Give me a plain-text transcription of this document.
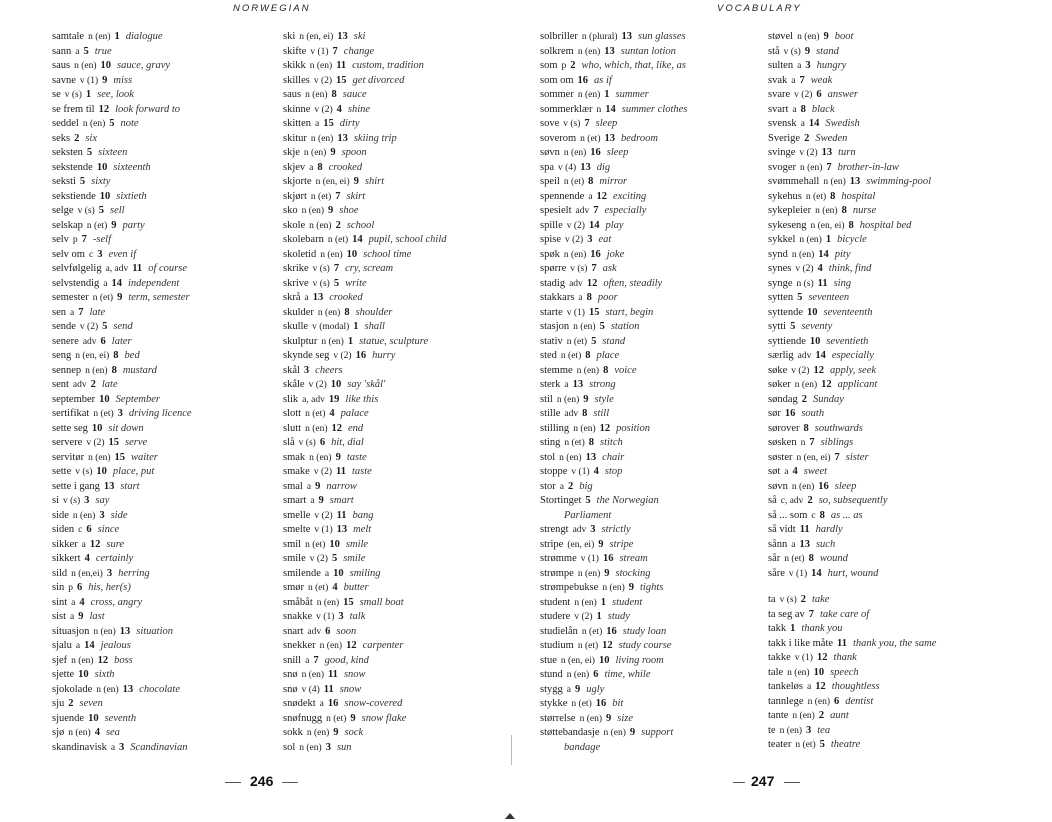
NORWEGIAN	VOCABULARY
samtale n (en) 1 dialogue
sann a 5 true
saus n (en) 10 sauce, gravy
savne v (1) 9 miss
se v (s) 1 see, look
se frem til 12 look forward to
seddel n (en) 5 note
seks 2 six
seksten 5 sixteen
sekstende 10 sixteenth
seksti 5 sixty
sekstiende 10 sixtieth
selge v (s) 5 sell
selskap n (et) 9 party
selv p 7 -self
selv om c 3 even if
selvfølgelig a, adv 11 of course
selvstendig a 14 independent
semester n (et) 9 term, semester
sen a 7 late
sende v (2) 5 send
senere adv 6 later
seng n (en, ei) 8 bed
sennep n (en) 8 mustard
sent adv 2 late
september 10 September
sertifikat n (et) 3 driving licence
sette seg 10 sit down
servere v (2) 15 serve
servitør n (en) 15 waiter
sette v (s) 10 place, put
sette i gang 13 start
si v (s) 3 say
side n (en) 3 side
siden c 6 since
sikker a 12 sure
sikkert 4 certainly
sild n (en,ei) 3 herring
sin p 6 his, her(s)
sint a 4 cross, angry
sist a 9 last
situasjon n (en) 13 situation
sjalu a 14 jealous
sjef n (en) 12 boss
sjette 10 sixth
sjokolade n (en) 13 chocolate
sju 2 seven
sjuende 10 seventh
sjø n (en) 4 sea
skandinavisk a 3 Scandinavian
ski n (en, ei) 13 ski
skifte v (1) 7 change
skikk n (en) 11 custom, tradition
skilles v (2) 15 get divorced
saus n (en) 8 sauce
skinne v (2) 4 shine
skitten a 15 dirty
skitur n (en) 13 skiing trip
skje n (en) 9 spoon
skjev a 8 crooked
skjorte n (en, ei) 9 shirt
skjørt n (et) 7 skirt
sko n (en) 9 shoe
skole n (en) 2 school
skolebarn n (et) 14 pupil, school child
skoletid n (en) 10 school time
skrike v (s) 7 cry, scream
skrive v (s) 5 write
skrå a 13 crooked
skulder n (en) 8 shoulder
skulle v (modal) 1 shall
skulptur n (en) 1 statue, sculpture
skynde seg v (2) 16 hurry
skål 3 cheers
skåle v (2) 10 say 'skål'
slik a, adv 19 like this
slott n (et) 4 palace
slutt n (en) 12 end
slå v (s) 6 hit, dial
smak n (en) 9 taste
smake v (2) 11 taste
smal a 9 narrow
smart a 9 smart
smelle v (2) 11 bang
smelte v (1) 13 melt
smil n (et) 10 smile
smile v (2) 5 smile
smilende a 10 smiling
smør n (et) 4 butter
småbåt n (en) 15 small boat
snakke v (1) 3 talk
snart adv 6 soon
snekker n (en) 12 carpenter
snill a 7 good, kind
snø n (en) 11 snow
snø v (4) 11 snow
snødekt a 16 snow-covered
snøfnugg n (et) 9 snow flake
sokk n (en) 9 sock
sol n (en) 3 sun
solbriller n (plural) 13 sun glasses
solkrem n (en) 13 suntan lotion
som p 2 who, which, that, like, as
som om 16 as if
sommer n (en) 1 summer
sommerklær n 14 summer clothes
sove v (s) 7 sleep
soverom n (et) 13 bedroom
søvn n (en) 16 sleep
spa v (4) 13 dig
speil n (et) 8 mirror
spennende a 12 exciting
spesielt adv 7 especially
spille v (2) 14 play
spise v (2) 3 eat
spøk n (en) 16 joke
spørre v (s) 7 ask
stadig adv 12 often, steadily
stakkars a 8 poor
starte v (1) 15 start, begin
stasjon n (en) 5 station
stativ n (et) 5 stand
sted n (et) 8 place
stemme n (en) 8 voice
sterk a 13 strong
stil n (en) 9 style
stille adv 8 still
stilling n (en) 12 position
sting n (et) 8 stitch
stol n (en) 13 chair
stoppe v (1) 4 stop
stor a 2 big
Stortinget 5 the Norwegian
Parliament
strengt adv 3 strictly
stripe (en, ei) 9 stripe
strømme v (1) 16 stream
strømpe n (en) 9 stocking
strømpebukse n (en) 9 tights
student n (en) 1 student
studere v (2) 1 study
studielån n (et) 16 study loan
studium n (et) 12 study course
stue n (en, ei) 10 living room
stund n (en) 6 time, while
stygg a 9 ugly
stykke n (et) 16 bit
størrelse n (en) 9 size
støttebandasje n (en) 9 support
bandage
støvel n (en) 9 boot
stå v (s) 9 stand
sulten a 3 hungry
svak a 7 weak
svare v (2) 6 answer
svart a 8 black
svensk a 14 Swedish
Sverige 2 Sweden
svinge v (2) 13 turn
svoger n (en) 7 brother-in-law
svømmehall n (en) 13 swimming-pool
sykehus n (et) 8 hospital
sykepleier n (en) 8 nurse
sykeseng n (en, ei) 8 hospital bed
sykkel n (en) 1 bicycle
synd n (en) 14 pity
synes v (2) 4 think, find
synge n (s) 11 sing
sytten 5 seventeen
syttende 10 seventeenth
sytti 5 seventy
syttiende 10 seventieth
særlig adv 14 especially
søke v (2) 12 apply, seek
søker n (en) 12 applicant
søndag 2 Sunday
sør 16 south
sørover 8 southwards
søsken n 7 siblings
søster n (en, ei) 7 sister
søt a 4 sweet
søvn n (en) 16 sleep
så c, adv 2 so, subsequently
så ... som c 8 as ... as
så vidt 11 hardly
sånn a 13 such
sår n (et) 8 wound
såre v (1) 14 hurt, wound
ta v (s) 2 take
ta seg av 7 take care of
takk 1 thank you
takk i like måte 11 thank you, the same
takke v (1) 12 thank
tale n (en) 10 speech
tankeløs a 12 thoughtless
tannlege n (en) 6 dentist
tante n (en) 2 aunt
te n (en) 3 tea
teater n (et) 5 theatre
246	247
